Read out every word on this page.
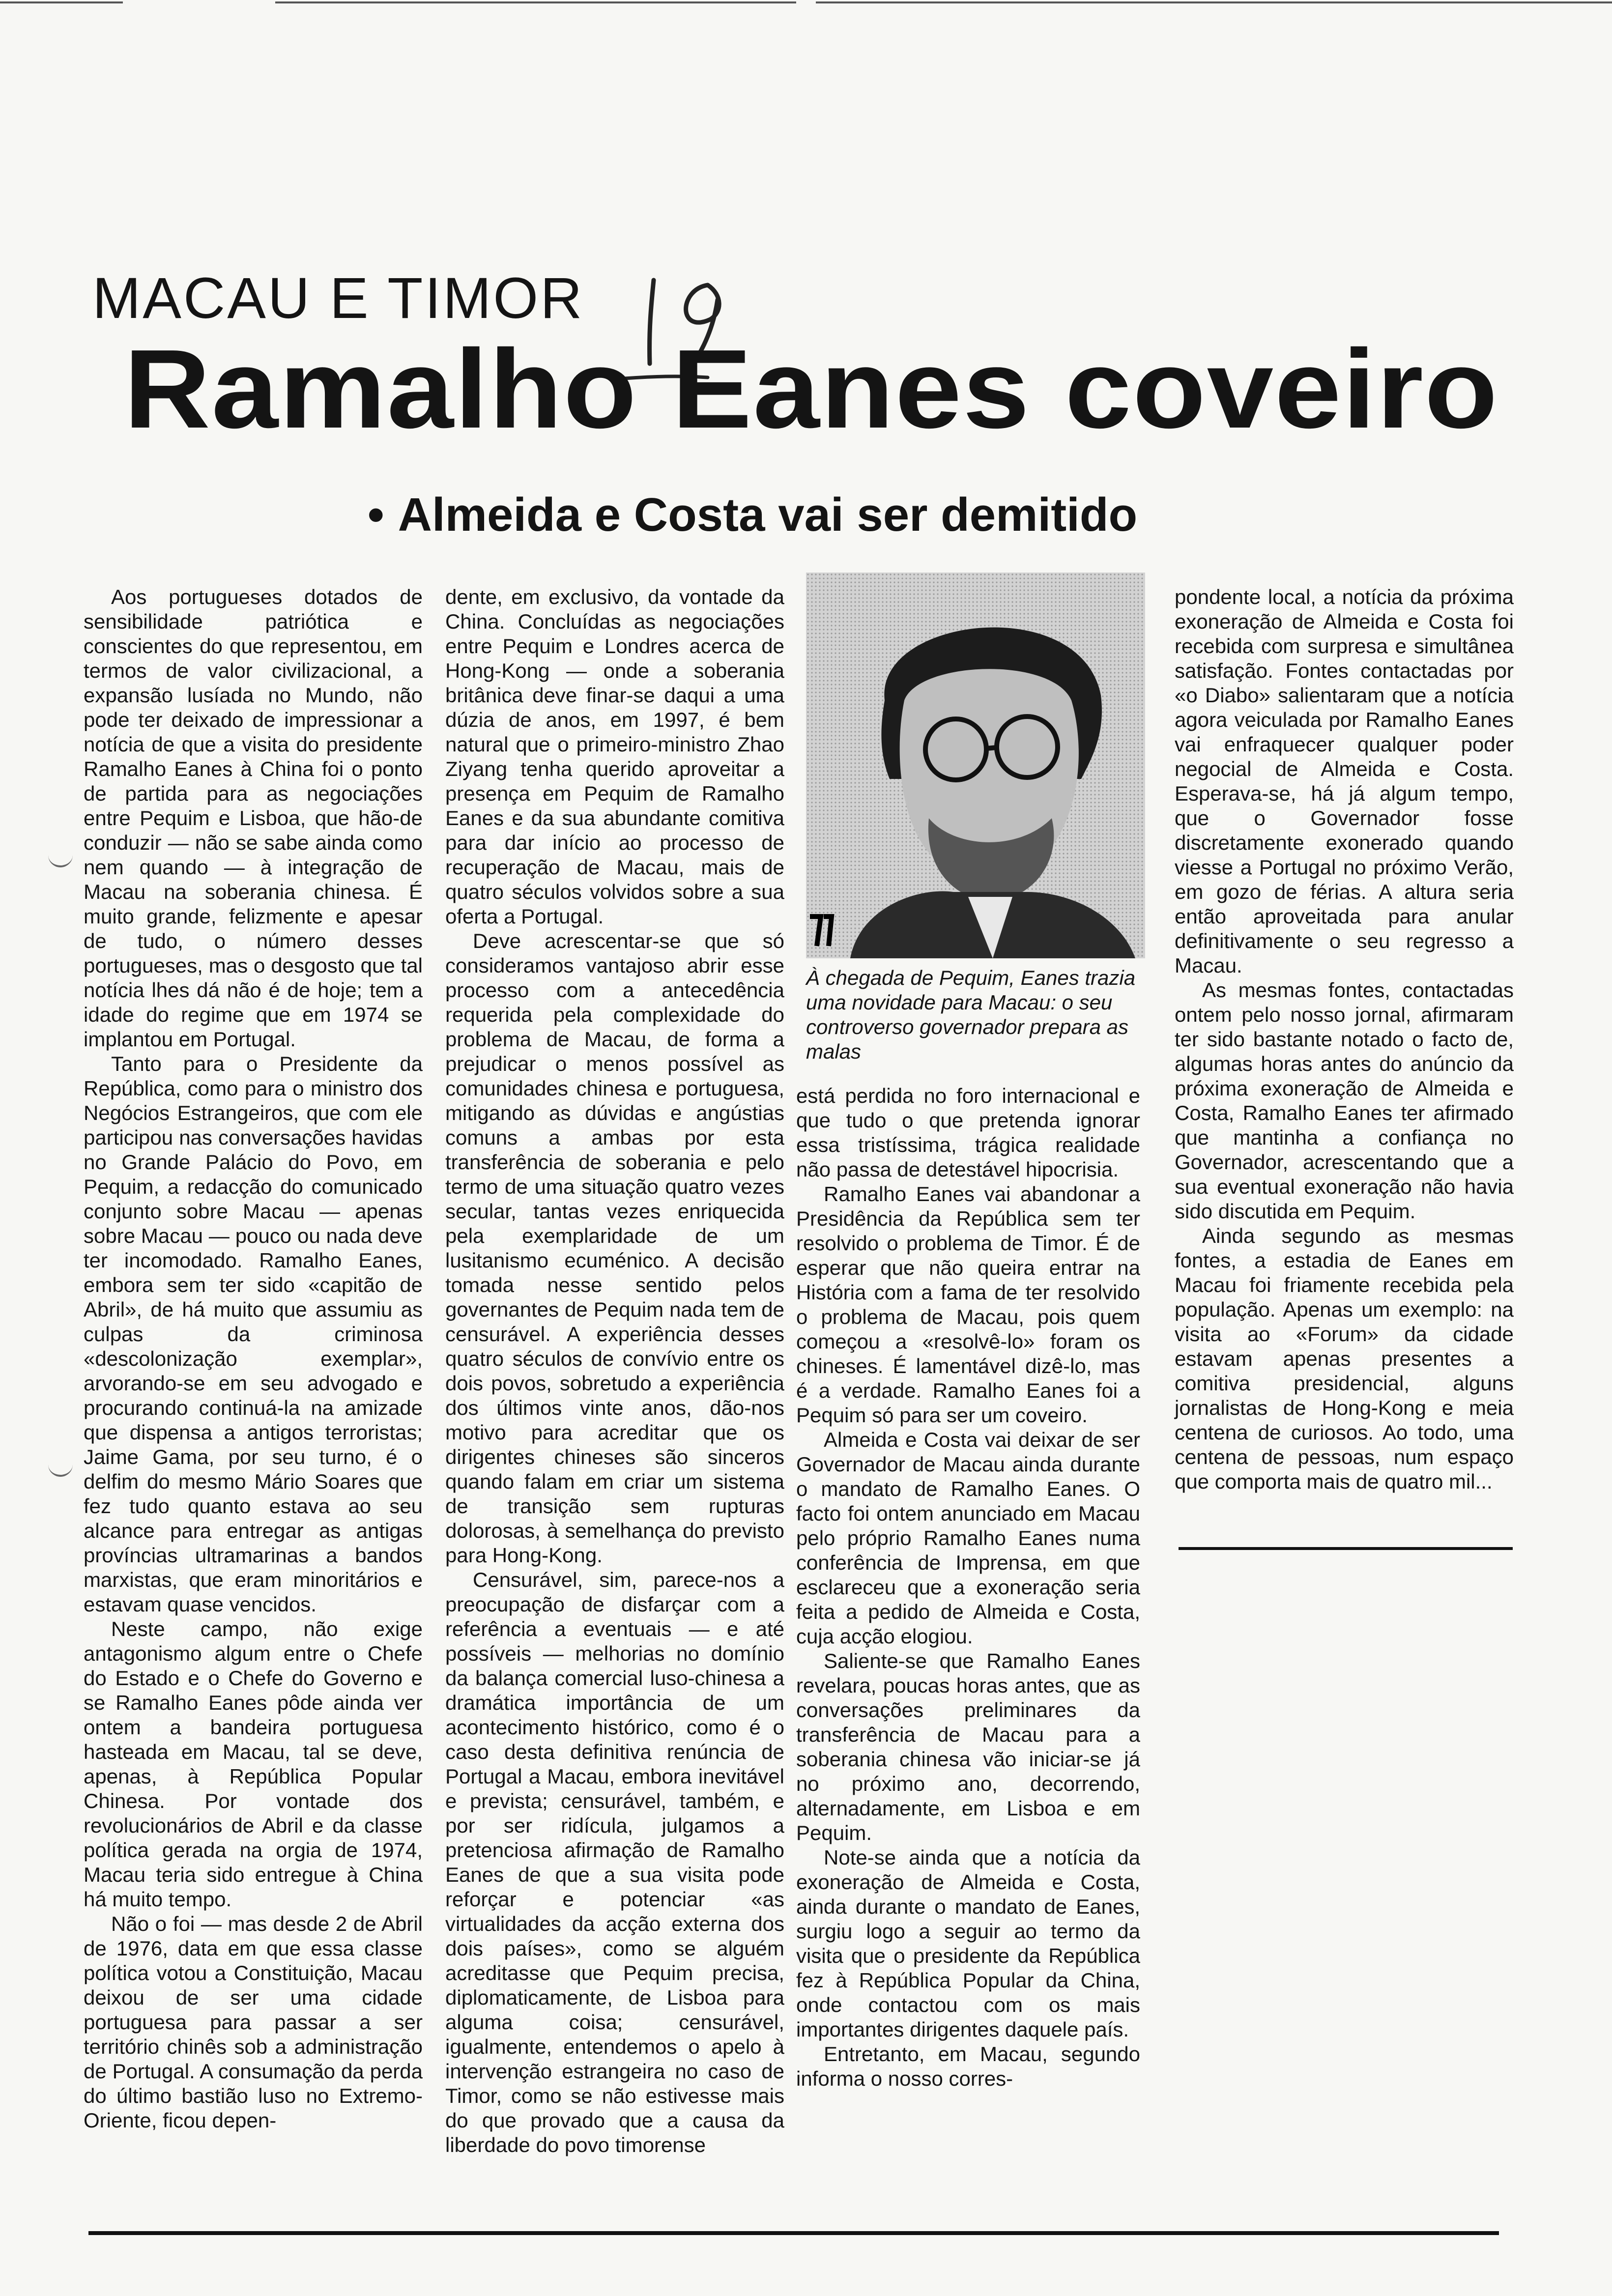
MACAU E TIMOR
Ramalho Eanes coveiro
• Almeida e Costa vai ser demitido

Aos portugueses dotados de sensibilidade patriótica e conscientes do que representou, em termos de valor civilizacional, a expansão lusíada no Mundo, não pode ter deixado de impressionar a notícia de que a visita do presidente Ramalho Eanes à China foi o ponto de partida para as negociações entre Pequim e Lisboa, que hão-de conduzir — não se sabe ainda como nem quando — à integração de Macau na soberania chinesa. É muito grande, felizmente e apesar de tudo, o número desses portugueses, mas o desgosto que tal notícia lhes dá não é de hoje; tem a idade do regime que em 1974 se implantou em Portugal.

Tanto para o Presidente da República, como para o ministro dos Negócios Estrangeiros, que com ele participou nas conversações havidas no Grande Palácio do Povo, em Pequim, a redacção do comunicado conjunto sobre Macau — apenas sobre Macau — pouco ou nada deve ter incomodado. Ramalho Eanes, embora sem ter sido «capitão de Abril», de há muito que assumiu as culpas da criminosa «descolonização exemplar», arvorando-se em seu advogado e procurando continuá-la na amizade que dispensa a antigos terroristas; Jaime Gama, por seu turno, é o delfim do mesmo Mário Soares que fez tudo quanto estava ao seu alcance para entregar as antigas províncias ultramarinas a bandos marxistas, que eram minoritários e estavam quase vencidos.

Neste campo, não exige antagonismo algum entre o Chefe do Estado e o Chefe do Governo e se Ramalho Eanes pôde ainda ver ontem a bandeira portuguesa hasteada em Macau, tal se deve, apenas, à República Popular Chinesa. Por vontade dos revolucionários de Abril e da classe política gerada na orgia de 1974, Macau teria sido entregue à China há muito tempo.

Não o foi — mas desde 2 de Abril de 1976, data em que essa classe política votou a Constituição, Macau deixou de ser uma cidade portuguesa para passar a ser território chinês sob a administração de Portugal. A consumação da perda do último bastião luso no Extremo-Oriente, ficou depen-

dente, em exclusivo, da vontade da China. Concluídas as negociações entre Pequim e Londres acerca de Hong-Kong — onde a soberania britânica deve finar-se daqui a uma dúzia de anos, em 1997, é bem natural que o primeiro-ministro Zhao Ziyang tenha querido aproveitar a presença em Pequim de Ramalho Eanes e da sua abundante comitiva para dar início ao processo de recuperação de Macau, mais de quatro séculos volvidos sobre a sua oferta a Portugal.

Deve acrescentar-se que só consideramos vantajoso abrir esse processo com a antecedência requerida pela complexidade do problema de Macau, de forma a prejudicar o menos possível as comunidades chinesa e portuguesa, mitigando as dúvidas e angústias comuns a ambas por esta transferência de soberania e pelo termo de uma situação quatro vezes secular, tantas vezes enriquecida pela exemplaridade de um lusitanismo ecuménico. A decisão tomada nesse sentido pelos governantes de Pequim nada tem de censurável. A experiência desses quatro séculos de convívio entre os dois povos, sobretudo a experiência dos últimos vinte anos, dão-nos motivo para acreditar que os dirigentes chineses são sinceros quando falam em criar um sistema de transição sem rupturas dolorosas, à semelhança do previsto para Hong-Kong.

Censurável, sim, parece-nos a preocupação de disfarçar com a referência a eventuais — e até possíveis — melhorias no domínio da balança comercial luso-chinesa a dramática importância de um acontecimento histórico, como é o caso desta definitiva renúncia de Portugal a Macau, embora inevitável e prevista; censurável, também, e por ser ridícula, julgamos a pretenciosa afirmação de Ramalho Eanes de que a sua visita pode reforçar e potenciar «as virtualidades da acção externa dos dois países», como se alguém acreditasse que Pequim precisa, diplomaticamente, de Lisboa para alguma coisa; censurável, igualmente, entendemos o apelo à intervenção estrangeira no caso de Timor, como se não estivesse mais do que provado que a causa da liberdade do povo timorense

À chegada de Pequim, Eanes trazia uma novidade para Macau: o seu controverso governador prepara as malas

está perdida no foro internacional e que tudo o que pretenda ignorar essa tristíssima, trágica realidade não passa de detestável hipocrisia.

Ramalho Eanes vai abandonar a Presidência da República sem ter resolvido o problema de Timor. É de esperar que não queira entrar na História com a fama de ter resolvido o problema de Macau, pois quem começou a «resolvê-lo» foram os chineses. É lamentável dizê-lo, mas é a verdade. Ramalho Eanes foi a Pequim só para ser um coveiro.

Almeida e Costa vai deixar de ser Governador de Macau ainda durante o mandato de Ramalho Eanes. O facto foi ontem anunciado em Macau pelo próprio Ramalho Eanes numa conferência de Imprensa, em que esclareceu que a exoneração seria feita a pedido de Almeida e Costa, cuja acção elogiou.

Saliente-se que Ramalho Eanes revelara, poucas horas antes, que as conversações preliminares da transferência de Macau para a soberania chinesa vão iniciar-se já no próximo ano, decorrendo, alternadamente, em Lisboa e em Pequim.

Note-se ainda que a notícia da exoneração de Almeida e Costa, ainda durante o mandato de Eanes, surgiu logo a seguir ao termo da visita que o presidente da República fez à República Popular da China, onde contactou com os mais importantes dirigentes daquele país.

Entretanto, em Macau, segundo informa o nosso corres-

pondente local, a notícia da próxima exoneração de Almeida e Costa foi recebida com surpresa e simultânea satisfação. Fontes contactadas por «o Diabo» salientaram que a notícia agora veiculada por Ramalho Eanes vai enfraquecer qualquer poder negocial de Almeida e Costa. Esperava-se, há já algum tempo, que o Governador fosse discretamente exonerado quando viesse a Portugal no próximo Verão, em gozo de férias. A altura seria então aproveitada para anular definitivamente o seu regresso a Macau.

As mesmas fontes, contactadas ontem pelo nosso jornal, afirmaram ter sido bastante notado o facto de, algumas horas antes do anúncio da próxima exoneração de Almeida e Costa, Ramalho Eanes ter afirmado que mantinha a confiança no Governador, acrescentando que a sua eventual exoneração não havia sido discutida em Pequim.

Ainda segundo as mesmas fontes, a estadia de Eanes em Macau foi friamente recebida pela população. Apenas um exemplo: na visita ao «Forum» da cidade estavam apenas presentes a comitiva presidencial, alguns jornalistas de Hong-Kong e meia centena de curiosos. Ao todo, uma centena de pessoas, num espaço que comporta mais de quatro mil...
